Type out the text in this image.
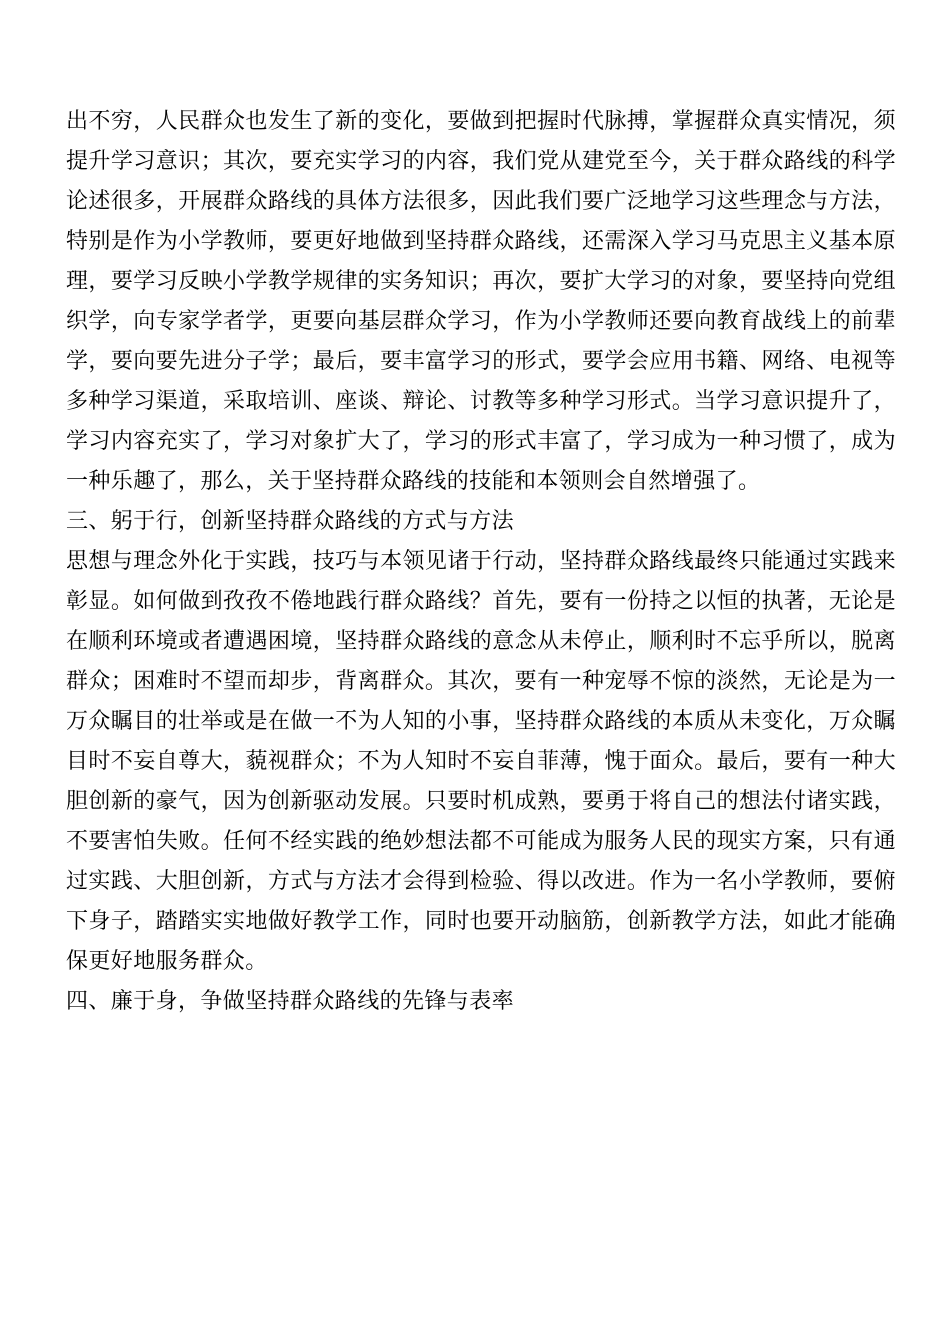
出不穷，人民群众也发生了新的变化，要做到把握时代脉搏，掌握群众真实情况，须
提升学习意识；其次，要充实学习的内容，我们党从建党至今，关于群众路线的科学
论述很多，开展群众路线的具体方法很多，因此我们要广泛地学习这些理念与方法，
特别是作为小学教师，要更好地做到坚持群众路线，还需深入学习马克思主义基本原
理，要学习反映小学教学规律的实务知识；再次，要扩大学习的对象，要坚持向党组
织学，向专家学者学，更要向基层群众学习，作为小学教师还要向教育战线上的前辈
学，要向要先进分子学；最后，要丰富学习的形式，要学会应用书籍、网络、电视等
多种学习渠道，采取培训、座谈、辩论、讨教等多种学习形式。当学习意识提升了，
学习内容充实了，学习对象扩大了，学习的形式丰富了，学习成为一种习惯了，成为
一种乐趣了，那么，关于坚持群众路线的技能和本领则会自然增强了。
三、躬于行，创新坚持群众路线的方式与方法
思想与理念外化于实践，技巧与本领见诸于行动，坚持群众路线最终只能通过实践来
彰显。如何做到孜孜不倦地践行群众路线？首先，要有一份持之以恒的执著，无论是
在顺利环境或者遭遇困境，坚持群众路线的意念从未停止，顺利时不忘乎所以，脱离
群众；困难时不望而却步，背离群众。其次，要有一种宠辱不惊的淡然，无论是为一
万众瞩目的壮举或是在做一不为人知的小事，坚持群众路线的本质从未变化，万众瞩
目时不妄自尊大，藐视群众；不为人知时不妄自菲薄，愧于面众。最后，要有一种大
胆创新的豪气，因为创新驱动发展。只要时机成熟，要勇于将自己的想法付诸实践，
不要害怕失败。任何不经实践的绝妙想法都不可能成为服务人民的现实方案，只有通
过实践、大胆创新，方式与方法才会得到检验、得以改进。作为一名小学教师，要俯
下身子，踏踏实实地做好教学工作，同时也要开动脑筋，创新教学方法，如此才能确
保更好地服务群众。
四、廉于身，争做坚持群众路线的先锋与表率
